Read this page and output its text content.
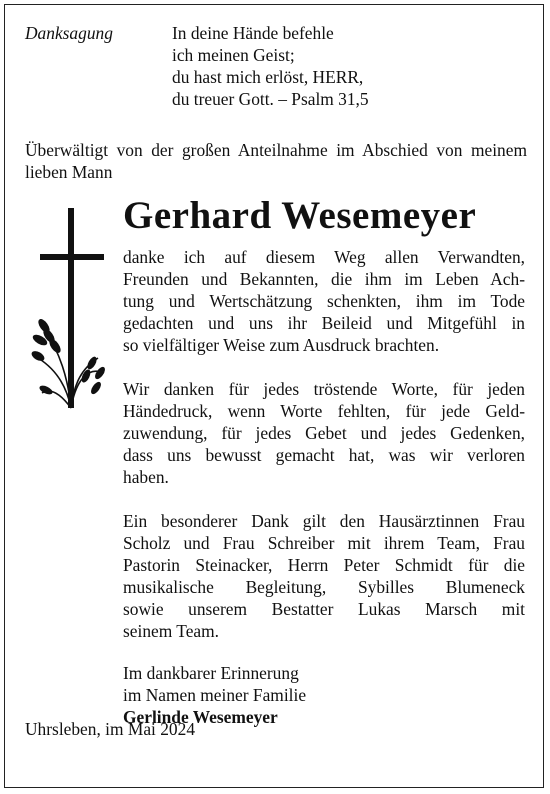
Danksagung	In deine Hände befehle
ich meinen Geist;
du hast mich erlöst, HERR,
du treuer Gott. – Psalm 31,5
Überwältigt von der großen Anteilnahme im Abschied von meinem lieben Mann
Gerhard Wesemeyer
danke ich auf diesem Weg allen Verwandten,
Freunden und Bekannten, die ihm im Leben Ach-
tung und Wertschätzung schenkten, ihm im Tode
gedachten und uns ihr Beileid und Mitgefühl in
so vielfältiger Weise zum Ausdruck brachten.
Wir danken für jedes tröstende Worte, für jeden
Händedruck, wenn Worte fehlten, für jede Geld-
zuwendung, für jedes Gebet und jedes Gedenken,
dass uns bewusst gemacht hat, was wir verloren
haben.
Ein besonderer Dank gilt den Hausärztinnen Frau
Scholz und Frau Schreiber mit ihrem Team, Frau
Pastorin Steinacker, Herrn Peter Schmidt für die
musikalische Begleitung, Sybilles Blumeneck
sowie unserem Bestatter Lukas Marsch mit
seinem Team.
Im dankbarer Erinnerung
im Namen meiner Familie
Gerlinde Wesemeyer
Uhrsleben, im Mai 2024
